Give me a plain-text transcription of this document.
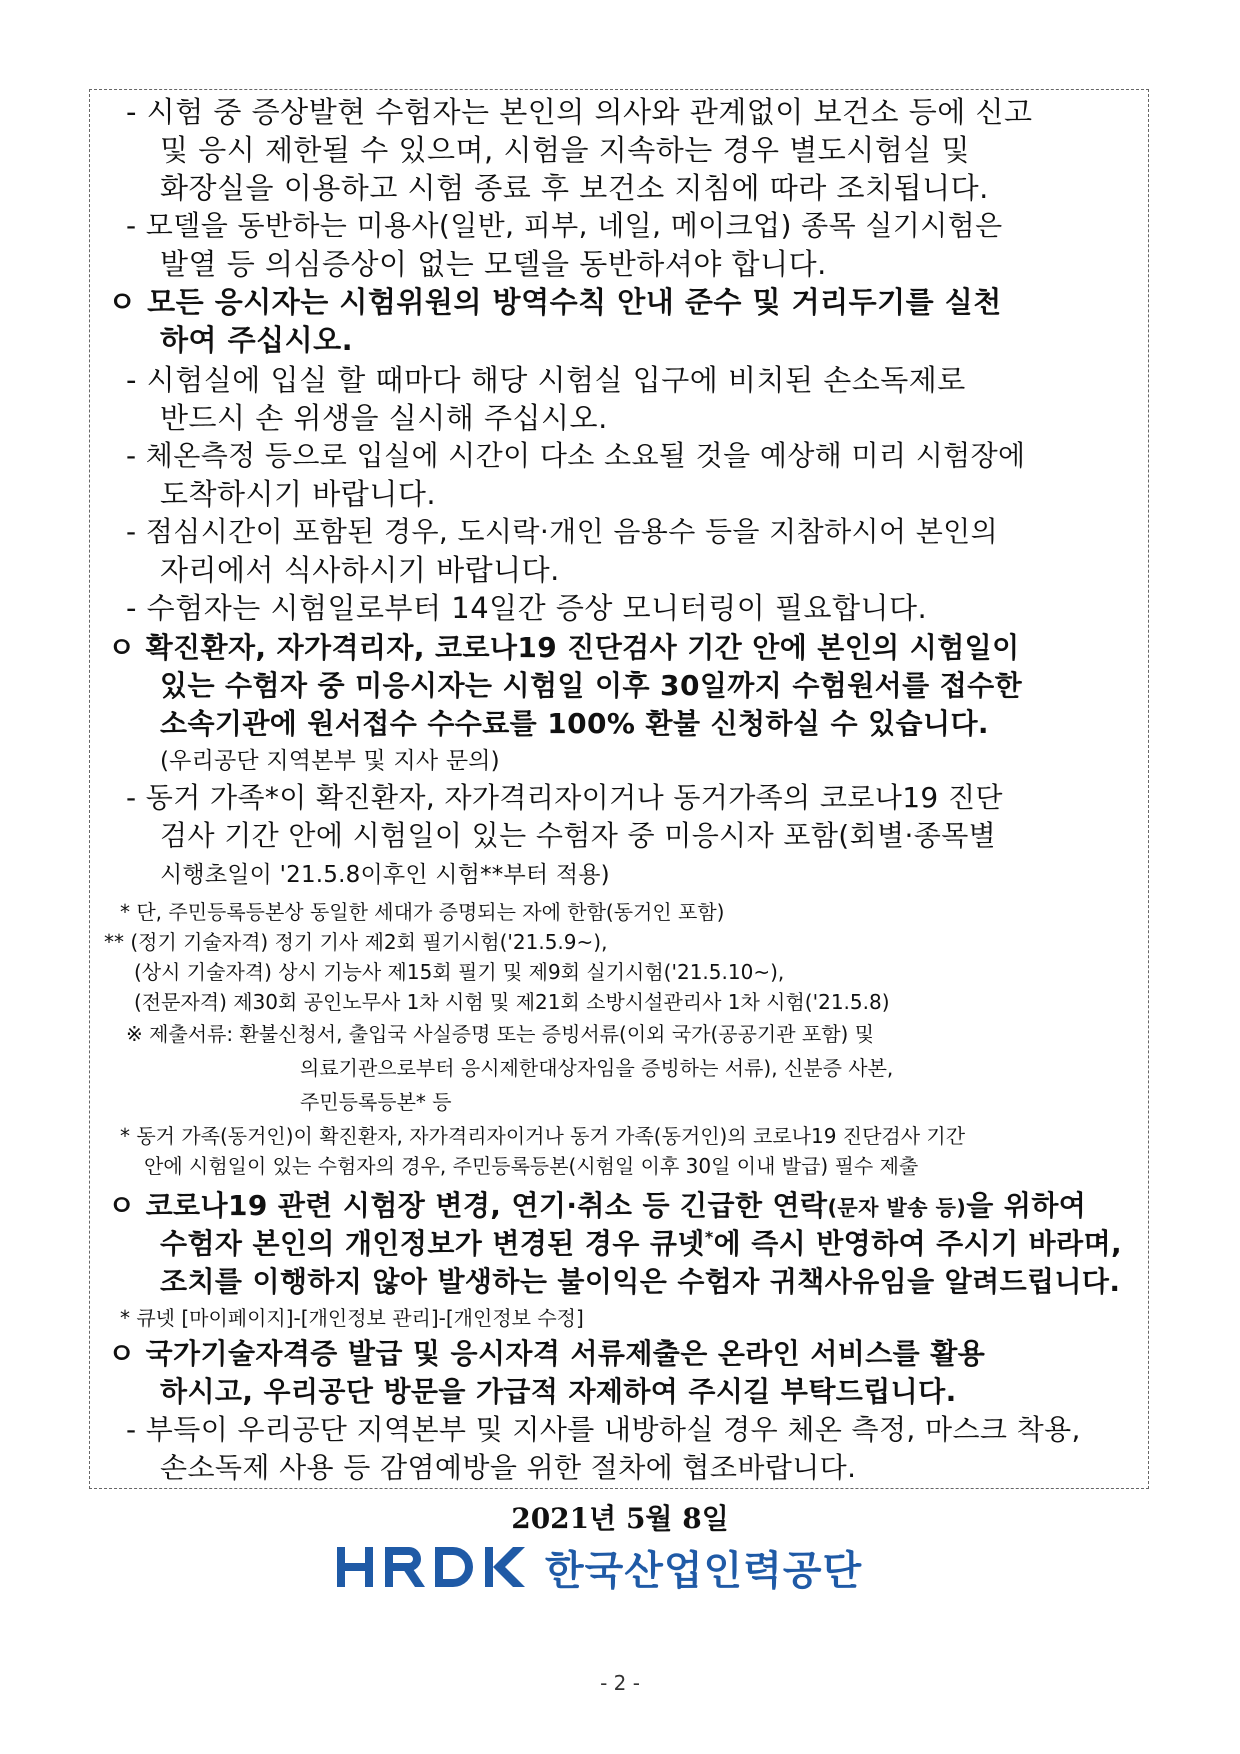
- 시험 중 증상발현 수험자는 본인의 의사와 관계없이 보건소 등에 신고
및 응시 제한될 수 있으며, 시험을 지속하는 경우 별도시험실 및
화장실을 이용하고 시험 종료 후 보건소 지침에 따라 조치됩니다.
- 모델을 동반하는 미용사(일반, 피부, 네일, 메이크업) 종목 실기시험은
발열 등 의심증상이 없는 모델을 동반하셔야 합니다.
ㅇ 모든 응시자는 시험위원의 방역수칙 안내 준수 및 거리두기를 실천
하여 주십시오.
- 시험실에 입실 할 때마다 해당 시험실 입구에 비치된 손소독제로
반드시 손 위생을 실시해 주십시오.
- 체온측정 등으로 입실에 시간이 다소 소요될 것을 예상해 미리 시험장에
도착하시기 바랍니다.
- 점심시간이 포함된 경우, 도시락·개인 음용수 등을 지참하시어 본인의
자리에서 식사하시기 바랍니다.
- 수험자는 시험일로부터 14일간 증상 모니터링이 필요합니다.
ㅇ 확진환자, 자가격리자, 코로나19 진단검사 기간 안에 본인의 시험일이
있는 수험자 중 미응시자는 시험일 이후 30일까지 수험원서를 접수한
소속기관에 원서접수 수수료를 100% 환불 신청하실 수 있습니다.
(우리공단 지역본부 및 지사 문의)
- 동거 가족*이 확진환자, 자가격리자이거나 동거가족의 코로나19 진단
검사 기간 안에 시험일이 있는 수험자 중 미응시자 포함(회별·종목별
시행초일이 '21.5.8이후인 시험**부터 적용)
* 단, 주민등록등본상 동일한 세대가 증명되는 자에 한함(동거인 포함)
** (정기 기술자격) 정기 기사 제2회 필기시험('21.5.9~),
(상시 기술자격) 상시 기능사 제15회 필기 및 제9회 실기시험('21.5.10~),
(전문자격) 제30회 공인노무사 1차 시험 및 제21회 소방시설관리사 1차 시험('21.5.8)
※ 제출서류: 환불신청서, 출입국 사실증명 또는 증빙서류(이외 국가(공공기관 포함) 및
의료기관으로부터 응시제한대상자임을 증빙하는 서류), 신분증 사본,
주민등록등본* 등
* 동거 가족(동거인)이 확진환자, 자가격리자이거나 동거 가족(동거인)의 코로나19 진단검사 기간
안에 시험일이 있는 수험자의 경우, 주민등록등본(시험일 이후 30일 이내 발급) 필수 제출
ㅇ 코로나19 관련 시험장 변경, 연기·취소 등 긴급한 연락(문자 발송 등)을 위하여
수험자 본인의 개인정보가 변경된 경우 큐넷*에 즉시 반영하여 주시기 바라며,
조치를 이행하지 않아 발생하는 불이익은 수험자 귀책사유임을 알려드립니다.
* 큐넷 [마이페이지]-[개인정보 관리]-[개인정보 수정]
ㅇ 국가기술자격증 발급 및 응시자격 서류제출은 온라인 서비스를 활용
하시고, 우리공단 방문을 가급적 자제하여 주시길 부탁드립니다.
- 부득이 우리공단 지역본부 및 지사를 내방하실 경우 체온 측정, 마스크 착용,
손소독제 사용 등 감염예방을 위한 절차에 협조바랍니다.
2021년 5월 8일
한국산업인력공단
- 2 -
